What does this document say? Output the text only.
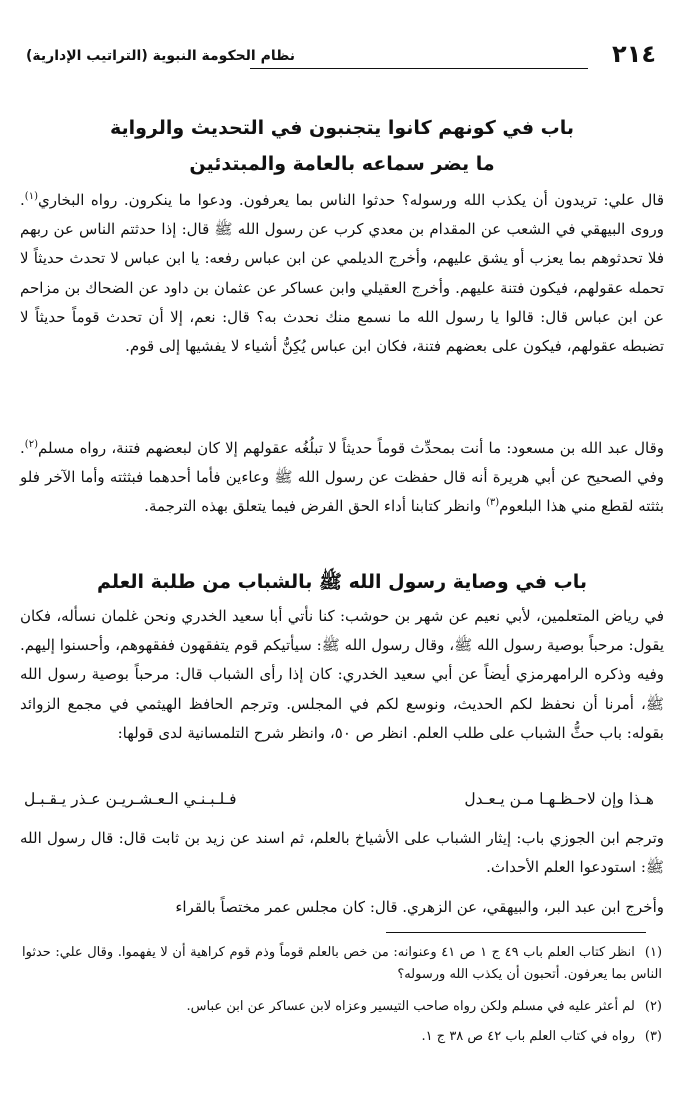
٢١٤
نظام الحكومة النبوية (التراتيب الإدارية)
باب في كونهم كانوا يتجنبون في التحديث والرواية
ما يضر سماعه بالعامة والمبتدئين

قال علي: تريدون أن يكذب الله ورسوله؟ حدثوا الناس بما يعرفون. ودعوا ما ينكرون. رواه البخاري$^{(١)}$. وروى البيهقي في الشعب عن المقدام بن معدي كرب عن رسول الله ﷺ قال: إذا حدثتم الناس عن ربهم فلا تحدثوهم بما يعزب أو يشق عليهم، وأخرج الديلمي عن ابن عباس رفعه: يا ابن عباس لا تحدث حديثاً لا تحمله عقولهم، فيكون فتنة عليهم. وأخرج العقيلي وابن عساكر عن عثمان بن داود عن الضحاك بن مزاحم عن ابن عباس قال: قالوا يا رسول الله ما نسمع منك نحدث به؟ قال: نعم، إلا أن تحدث قوماً حديثاً لا تضبطه عقولهم، فيكون على بعضهم فتنة، فكان ابن عباس يُكِنُّ أشياء لا يفشيها إلى قوم.

وقال عبد الله بن مسعود: ما أنت بمحدِّث قوماً حديثاً لا تبلُغُه عقولهم إلا كان لبعضهم فتنة، رواه مسلم$^{(٢)}$. وفي الصحيح عن أبي هريرة أنه قال حفظت عن رسول الله ﷺ وعاءين فأما أحدهما فبثثته وأما الآخر فلو بثثته لقطع مني هذا البلعوم$^{(٣)}$ وانظر كتابنا أداء الحق الفرض فيما يتعلق بهذه الترجمة.

باب في وصاية رسول الله ﷺ بالشباب من طلبة العلم

في رياض المتعلمين، لأبي نعيم عن شهر بن حوشب: كنا نأتي أبا سعيد الخدري ونحن غلمان نسأله، فكان يقول: مرحباً بوصية رسول الله ﷺ، وقال رسول الله ﷺ: سيأتيكم قوم يتفقهون ففقهوهم، وأحسنوا إليهم. وفيه وذكره الرامهرمزي أيضاً عن أبي سعيد الخدري: كان إذا رأى الشباب قال: مرحباً بوصية رسول الله ﷺ، أمرنا أن نحفظ لكم الحديث، ونوسع لكم في المجلس. وترجم الحافظ الهيثمي في مجمع الزوائد بقوله: باب حثُّ الشباب على طلب العلم. انظر ص ٥٠، وانظر شرح التلمسانية لدى قولها:

هـذا وإن لاحـظـهـا مـن يـعـدل
فـلـبـنـي الـعـشـريـن عـذر يـقـبـل

وترجم ابن الجوزي باب: إيثار الشباب على الأشياخ بالعلم، ثم اسند عن زيد بن ثابت قال: قال رسول الله ﷺ: استودعوا العلم الأحداث.

وأخرج ابن عبد البر، والبيهقي، عن الزهري. قال: كان مجلس عمر مختصاً بالقراء

(١)انظر كتاب العلم باب ٤٩ ج ١ ص ٤١ وعنوانه: من خص بالعلم قوماً وذم قوم كراهية أن لا يفهموا. وقال علي: حدثوا الناس بما يعرفون. أتحبون أن يكذب الله ورسوله؟

(٢)لم أعثر عليه في مسلم ولكن رواه صاحب التيسير وعزاه لابن عساكر عن ابن عباس.

(٣)رواه في كتاب العلم باب ٤٢ ص ٣٨ ج ١.
